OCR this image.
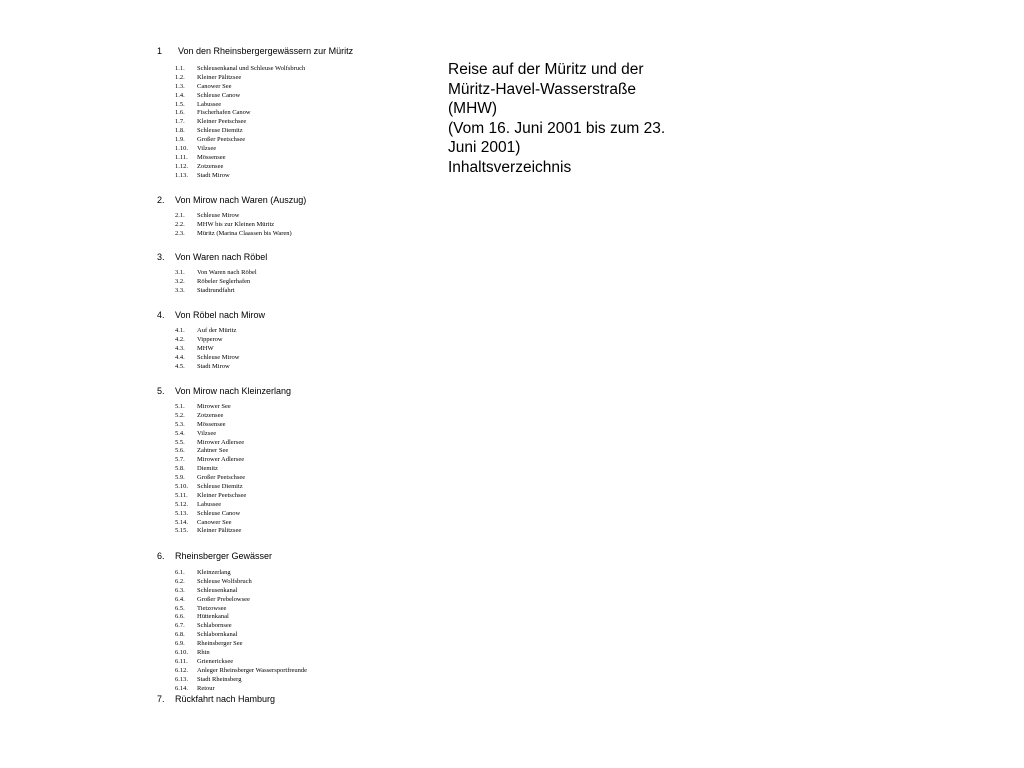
1	Von den Rheinsbergergewässern zur Müritz
1.1.	Schleusenkanal und Schleuse Wolfsbruch
1.2.	Kleiner Pälitzsee
1.3.	Canower See
1.4.	Schleuse Canow
1.5.	Labussee
1.6.	Fischerhafen Canow
1.7.	Kleiner Peetschsee
1.8.	Schleuse Diemitz
1.9.	Großer Peetschsee
1.10.	Vilzsee
1.11.	Mössensee
1.12.	Zotzensee
1.13.	Stadt Mirow
2.	Von Mirow nach Waren (Auszug)
2.1.	Schleuse Mirow
2.2.	MHW bis zur Kleinen Müritz
2.3.	Müritz (Marina Claassen bis Waren)
3.	Von Waren nach Röbel
3.1.	Von Waren nach Röbel
3.2.	Röbeler Seglerhafen
3.3.	Stadtrundfahrt
4.	Von Röbel nach Mirow
4.1.	Auf der Müritz
4.2.	Vipperow
4.3.	MHW
4.4.	Schleuse Mirow
4.5.	Stadt Mirow
5.	Von Mirow nach Kleinzerlang
5.1.	Mirower See
5.2.	Zotzensee
5.3.	Mössensee
5.4.	Vilzsee
5.5.	Mirower Adlersee
5.6.	Zahtner See
5.7.	Mirower Adlersee
5.8.	Diemitz
5.9.	Großer Peetschsee
5.10.	Schleuse Diemitz
5.11.	Kleiner Peetschsee
5.12.	Labussee
5.13.	Schleuse Canow
5.14.	Canower See
5.15.	Kleiner Pälitzsee
6.	Rheinsberger Gewässer
6.1.	Kleinzerlang
6.2.	Schleuse Wolfsbruch
6.3.	Schleusenkanal
6.4.	Großer Prebelowsee
6.5.	Tietzowsee
6.6.	Hüttenkanal
6.7.	Schlabornsee
6.8.	Schlabornkanal
6.9.	Rheinsberger See
6.10.	Rhin
6.11.	Grienericksee
6.12.	Anleger Rheinsberger Wassersportfreunde
6.13.	Stadt Rheinsberg
6.14.	Retour
7.	Rückfahrt nach Hamburg
Reise auf der Müritz und der
Müritz-Havel-Wasserstraße
(MHW)
(Vom 16. Juni 2001 bis zum 23.
Juni 2001)
Inhaltsverzeichnis
